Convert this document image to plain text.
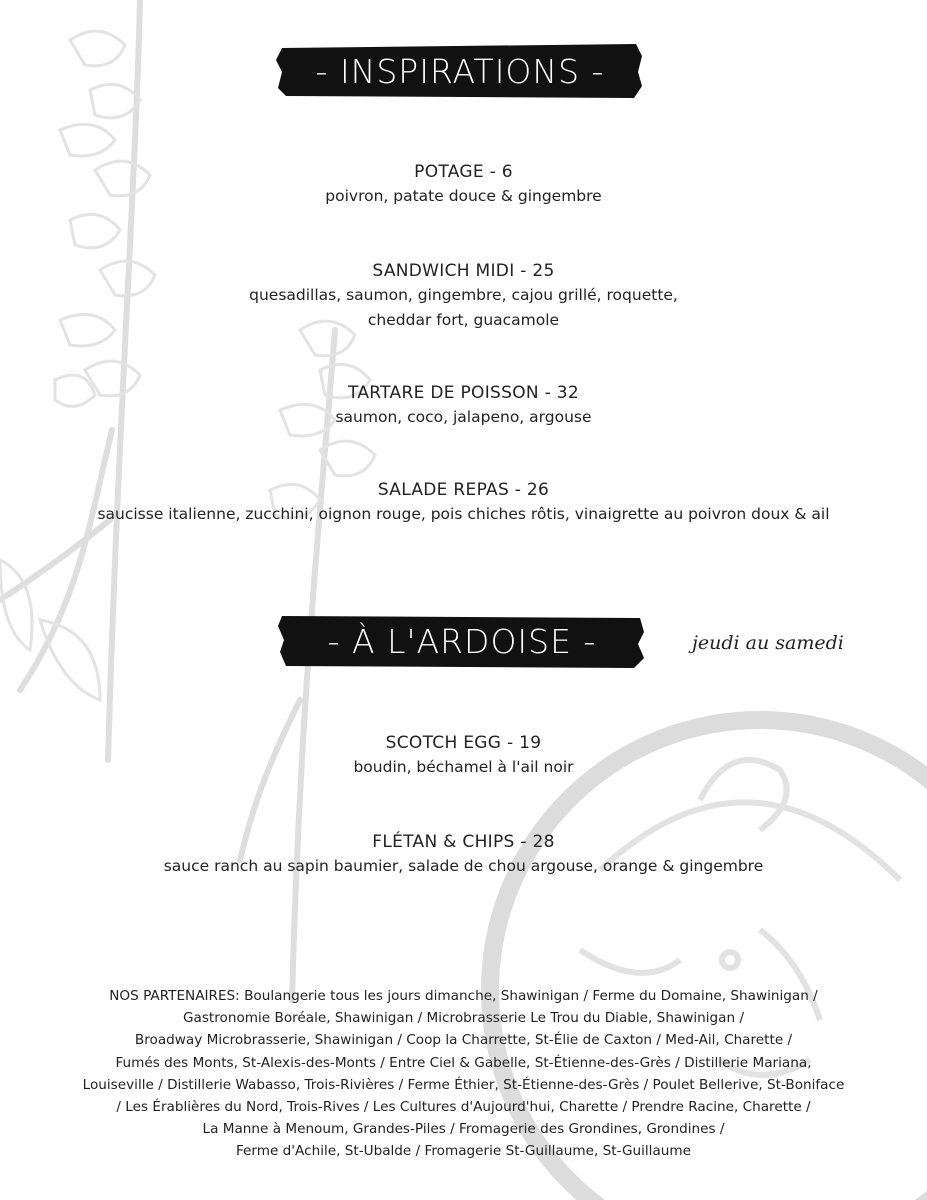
- INSPIRATIONS -
POTAGE - 6
poivron, patate douce & gingembre
SANDWICH MIDI - 25
quesadillas, saumon, gingembre, cajou grillé, roquette,
cheddar fort, guacamole
TARTARE DE POISSON - 32
saumon, coco, jalapeno, argouse
SALADE REPAS - 26
saucisse italienne, zucchini, oignon rouge, pois chiches rôtis, vinaigrette au poivron doux & ail
- À L'ARDOISE -	jeudi au samedi
SCOTCH EGG - 19
boudin, béchamel à l'ail noir
FLÉTAN & CHIPS - 28
sauce ranch au sapin baumier, salade de chou argouse, orange & gingembre
NOS PARTENAIRES: Boulangerie tous les jours dimanche, Shawinigan / Ferme du Domaine, Shawinigan /
Gastronomie Boréale, Shawinigan / Microbrasserie Le Trou du Diable, Shawinigan /
Broadway Microbrasserie, Shawinigan / Coop la Charrette, St-Élie de Caxton / Med-Ail, Charette /
Fumés des Monts, St-Alexis-des-Monts / Entre Ciel & Gabelle, St-Étienne-des-Grès / Distillerie Mariana,
Louiseville / Distillerie Wabasso, Trois-Rivières / Ferme Éthier, St-Étienne-des-Grès / Poulet Bellerive, St-Boniface
/ Les Érablières du Nord, Trois-Rives / Les Cultures d'Aujourd'hui, Charette / Prendre Racine, Charette /
La Manne à Menoum, Grandes-Piles / Fromagerie des Grondines, Grondines /
Ferme d'Achile, St-Ubalde / Fromagerie St-Guillaume, St-Guillaume
